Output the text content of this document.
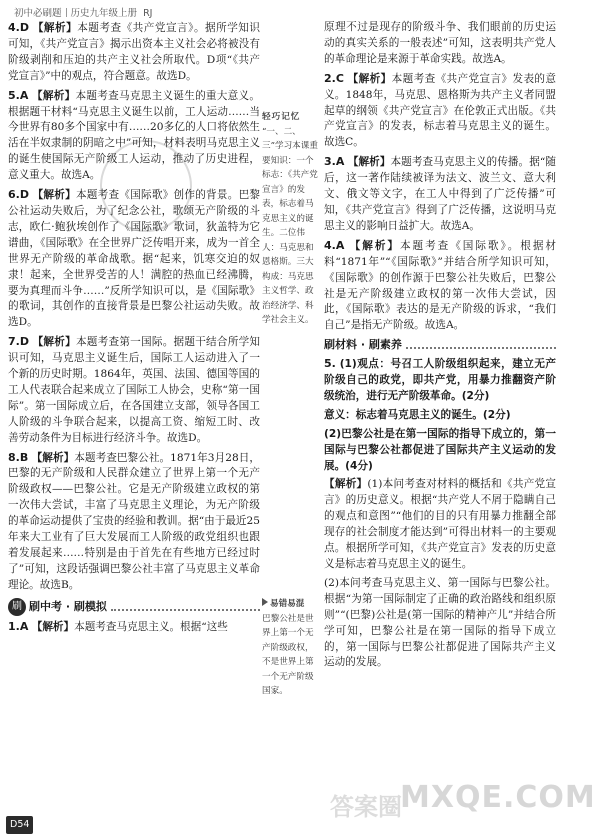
初中必刷题 历史九年级上册 RJ
4.D 【解析】本题考查《共产党宣言》。据所学知识可知，《共产党宣言》揭示出资本主义社会必将被没有阶级剥削和压迫的共产主义社会所取代。D项“《共产党宣言》”中的观点，符合题意。故选D。
5.A 【解析】本题考查马克思主义诞生的重大意义。根据题干材料“马克思主义诞生以前，工人运动……当今世界有80多个国家中有……20多亿的人口将依然生活在半奴隶制的阴暗之中”可知，材料表明马克思主义的诞生使国际无产阶级工人运动，推动了历史进程，意义重大。故选A。
6.D 【解析】本题考查《国际歌》创作的背景。巴黎公社运动失败后，为了纪念公社，歌颂无产阶级的斗志，欧仁·鲍狄埃创作了《国际歌》歌词，狄盖特为它谱曲，《国际歌》在全世界广泛传唱开来，成为一首全世界无产阶级的革命战歌。据“起来，饥寒交迫的奴隶！起来，全世界受苦的人！满腔的热血已经沸腾，要为真理而斗争……”反所学知识可以，是《国际歌》的歌词，其创作的直接背景是巴黎公社运动失败。故选D。
7.D 【解析】本题考查第一国际。据题干结合所学知识可知，马克思主义诞生后，国际工人运动进入了一个新的历史时期。1864年，英国、法国、德国等国的工人代表联合起来成立了国际工人协会，史称“第一国际”。第一国际成立后，在各国建立支部，领导各国工人阶级的斗争联合起来，以提高工资、缩短工时、改善劳动条件为目标进行经济斗争。故选D。
8.B 【解析】本题考查巴黎公社。1871年3月28日，巴黎的无产阶级和人民群众建立了世界上第一个无产阶级政权——巴黎公社。它是无产阶级建立政权的第一次伟大尝试，丰富了马克思主义理论，为无产阶级的革命运动提供了宝贵的经验和教训。据“由于最近25年来大工业有了巨大发展而工人阶级的政党组织也跟着发展起来……特别是由于首先在有些地方已经过时了”可知，这段话强调巴黎公社丰富了马克思主义革命理论。故选B。
刷 刷中考 · 刷模拟
1.A 【解析】本题考查马克思主义。根据“这些
轻巧记忆
“一、二、三”学习本课重要知识：一个标志：《共产党宣言》的发表，标志着马克思主义的诞生。二位伟人：马克思和恩格斯。三大构成：马克思主义哲学、政治经济学、科学社会主义。
易错易混
巴黎公社是世界上第一个无产阶级政权，不是世界上第一个无产阶级国家。
原理不过是现存的阶级斗争、我们眼前的历史运动的真实关系的一般表述”可知，这表明共产党人的革命理论是来源于革命实践。故选A。
2.C 【解析】本题考查《共产党宣言》发表的意义。1848年，马克思、恩格斯为共产主义者同盟起草的纲领《共产党宣言》在伦敦正式出版。《共产党宣言》的发表，标志着马克思主义的诞生。故选C。
3.A 【解析】本题考查马克思主义的传播。据“随后，这一著作陆续被译为法文、波兰文、意大利文、俄文等文字，在工人中得到了广泛传播”可知，《共产党宣言》得到了广泛传播，这说明马克思主义的影响日益扩大。故选A。
4.A 【解析】本题考查《国际歌》。根据材料“1871年”“《国际歌》”并结合所学知识可知，《国际歌》的创作源于巴黎公社失败后，巴黎公社是无产阶级建立政权的第一次伟大尝试，因此，《国际歌》表达的是无产阶级的诉求，“我们自己”是指无产阶级。故选A。
刷材料 · 刷素养
5. (1)观点：号召工人阶级组织起来，建立无产阶级自己的政党，即共产党，用暴力推翻资产阶级统治，进行无产阶级革命。(2分)
意义：标志着马克思主义的诞生。(2分)
(2)巴黎公社是在第一国际的指导下成立的，第一国际与巴黎公社都促进了国际共产主义运动的发展。(4分)
【解析】(1)本问考查对材料的概括和《共产党宣言》的历史意义。根据“共产党人不屑于隐瞒自己的观点和意图”“他们的目的只有用暴力推翻全部现存的社会制度才能达到”可得出材料一的主要观点。根据所学可知，《共产党宣言》发表的历史意义是标志着马克思主义的诞生。
(2)本问考查马克思主义、第一国际与巴黎公社。根据“为第一国际制定了正确的政治路线和组织原则”“(巴黎)公社是(第一国际的精神产儿”并结合所学可知，巴黎公社是在第一国际的指导下成立的，第一国际与巴黎公社都促进了国际共产主义运动的发展。
答案圈
MXQE.COM
D54
